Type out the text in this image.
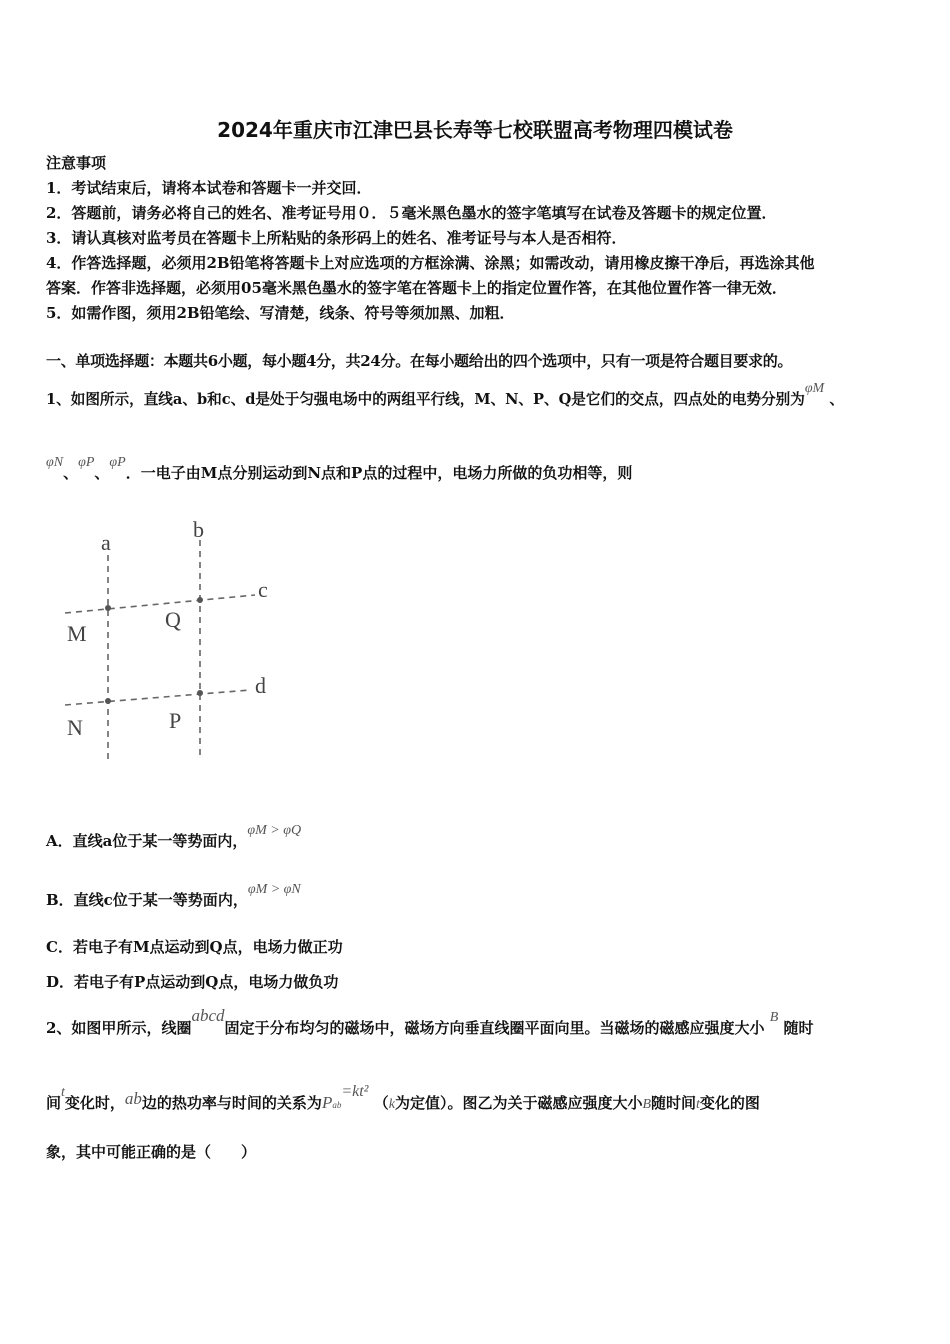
2024年重庆市江津巴县长寿等七校联盟高考物理四模试卷
注意事项
1．考试结束后，请将本试卷和答题卡一并交回．
2．答题前，请务必将自己的姓名、准考证号用０．５毫米黑色墨水的签字笔填写在试卷及答题卡的规定位置．
3．请认真核对监考员在答题卡上所粘贴的条形码上的姓名、准考证号与本人是否相符．
4．作答选择题，必须用2B铅笔将答题卡上对应选项的方框涂满、涂黑；如需改动，请用橡皮擦干净后，再选涂其他
答案．作答非选择题，必须用05毫米黑色墨水的签字笔在答题卡上的指定位置作答，在其他位置作答一律无效．
5．如需作图，须用2B铅笔绘、写清楚，线条、符号等须加黑、加粗．
一、单项选择题：本题共6小题，每小题4分，共24分。在每小题给出的四个选项中，只有一项是符合题目要求的。
1、如图所示，直线a、b和c、d是处于匀强电场中的两组平行线，M、N、P、Q是它们的交点，四点处的电势分别为φM 、
φN、φP、φP．一电子由M点分别运动到N点和P点的过程中，电场力所做的负功相等，则
a
b
c
d
M
Q
N	P
A．直线a位于某一等势面内，φM > φQ
B．直线c位于某一等势面内，φM > φN
C．若电子有M点运动到Q点，电场力做正功
D．若电子有P点运动到Q点，电场力做负功
2、如图甲所示，线圈abcd固定于分布均匀的磁场中，磁场方向垂直线圈平面向里。当磁场的磁感应强度大小 B 随时
间t变化时，ab边的热功率与时间的关系为Pab=kt² （k为定值）。图乙为关于磁感应强度大小B随时间t变化的图
象，其中可能正确的是（　　）
